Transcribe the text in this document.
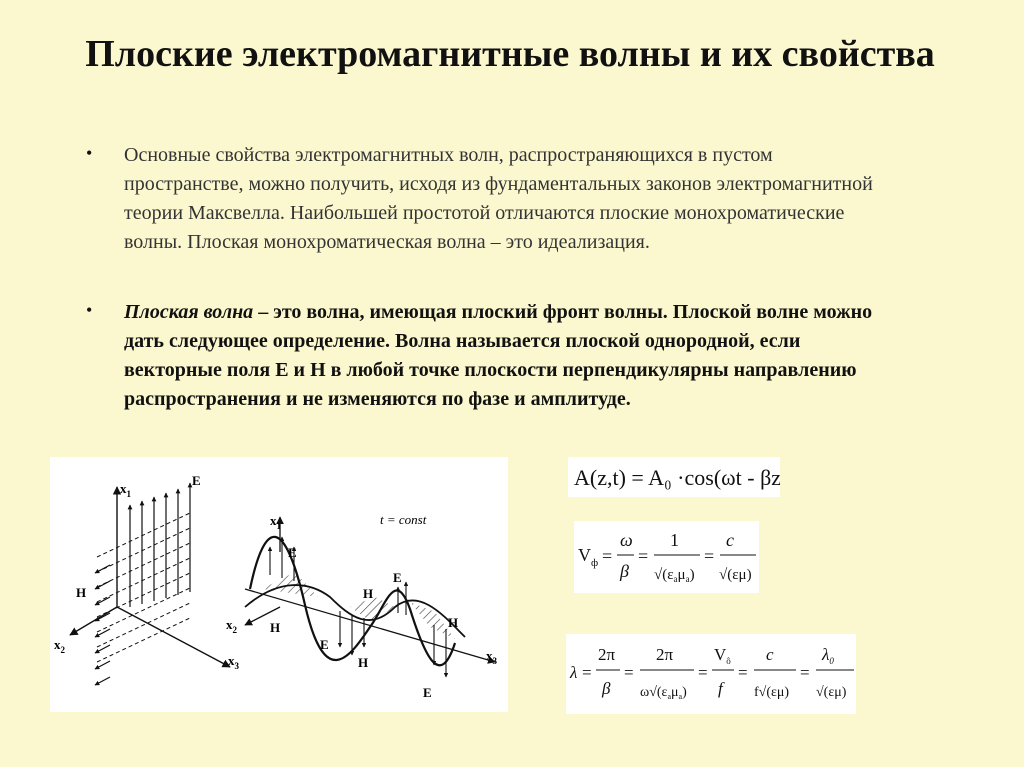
Плоские электромагнитные волны и их свойства
• Основные свойства электромагнитных волн, распространяющихся в пустом пространстве, можно получить, исходя из фундаментальных законов электромагнитной теории Максвелла. Наибольшей простотой отличаются плоские монохроматические волны. Плоская монохроматическая волна – это идеализация.
• Плоская волна – это волна, имеющая плоский фронт волны. Плоской волне можно дать следующее определение. Волна называется плоской однородной, если векторные поля E и H в любой точке плоскости перпендикулярны направлению распространения и не изменяются по фазе и амплитуде.
$x_1$
$x_2$
$x_3$
E
H
$x_1$
$x_2$
$x_3$
t = const
E
H
E
H
E
H
H
E
A(z,t) = A₀ ·cos(ωt - βz)
$V_ф$ =
ω
β
=
1
$√(\varepsilon_a\mu_a)$
=
c
√(εμ)
λ =
2π
β
=
2π
$\omega√(\varepsilon_a\mu_a)$
=
$V_ô$
f
=
c
f√(εμ)
=
$\lambda_0$
√(εμ)
